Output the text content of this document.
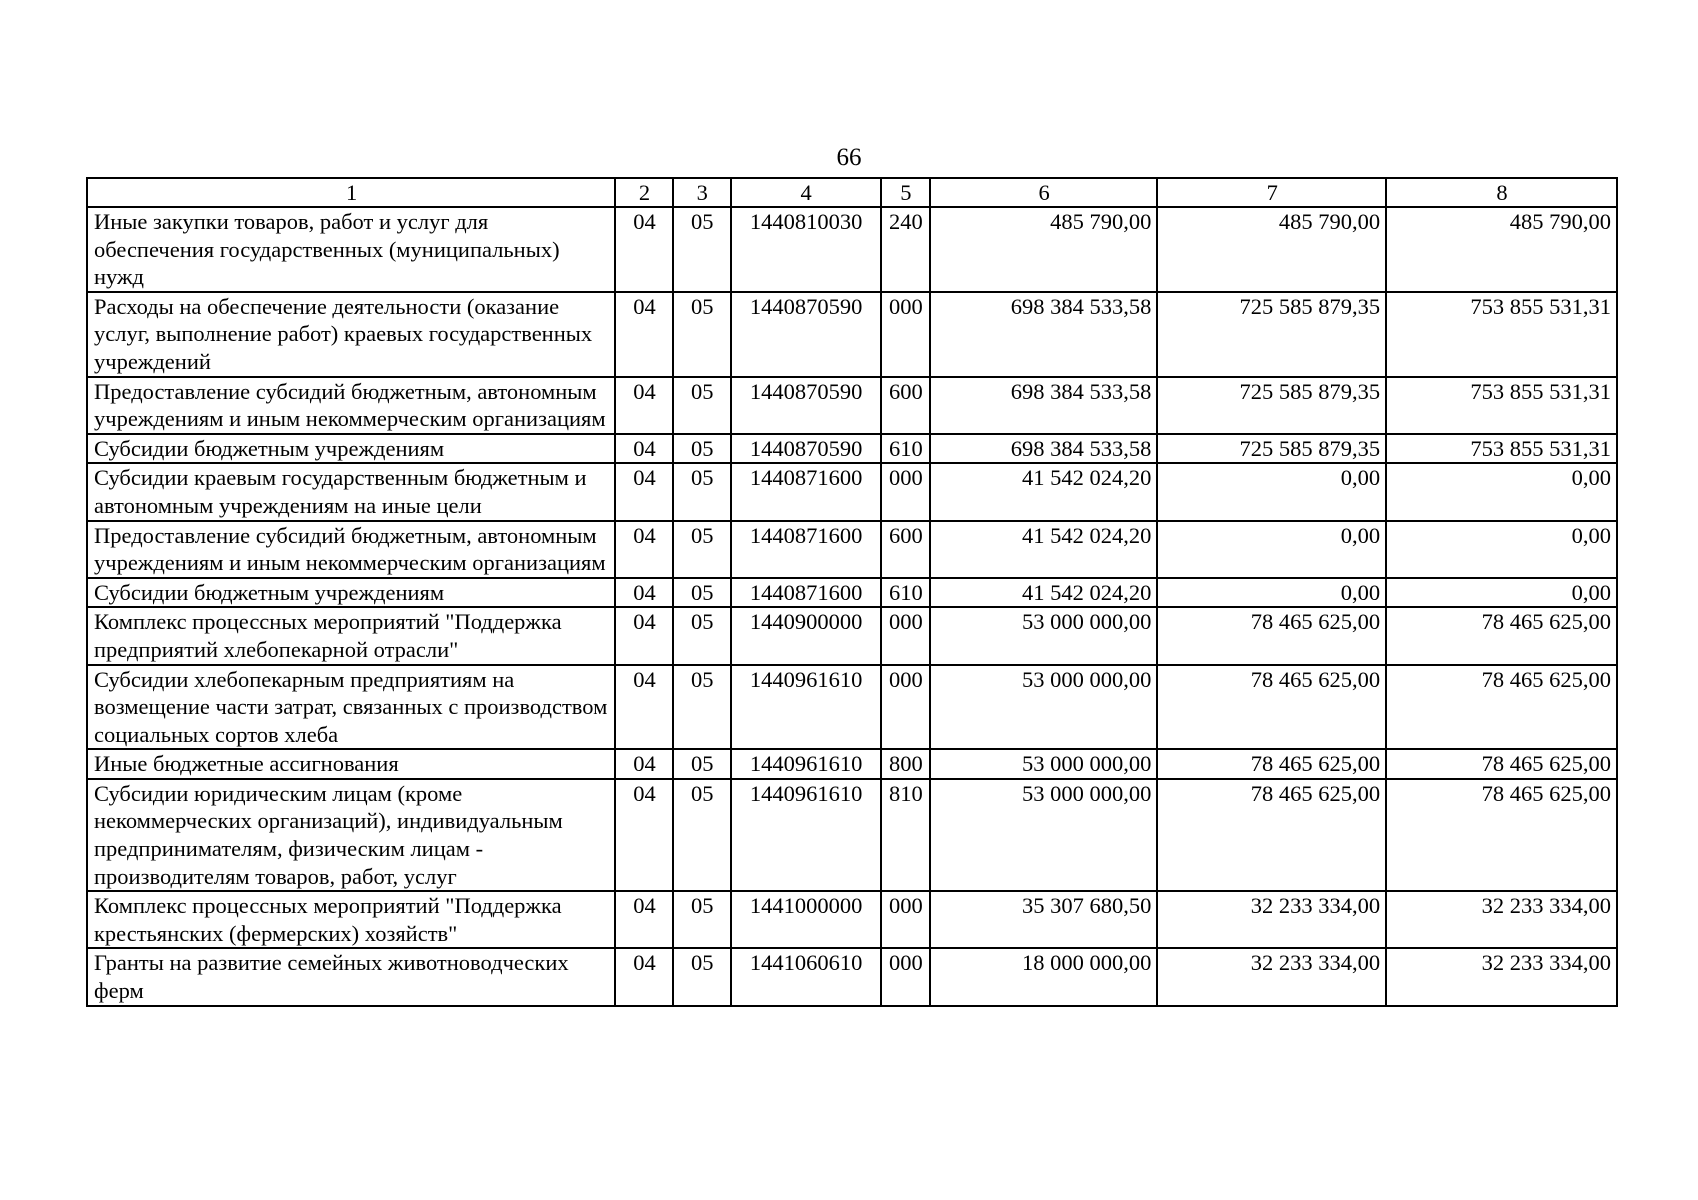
66
1	2	3	4	5	6	7	8
Иные закупки товаров, работ и услуг для обеспечения государственных (муниципальных) нужд	04	05	1440810030	240	485 790,00	485 790,00	485 790,00
Расходы на обеспечение деятельности (оказание услуг, выполнение работ) краевых государственных учреждений	04	05	1440870590	000	698 384 533,58	725 585 879,35	753 855 531,31
Предоставление субсидий бюджетным, автономным учреждениям и иным некоммерческим организациям	04	05	1440870590	600	698 384 533,58	725 585 879,35	753 855 531,31
Субсидии бюджетным учреждениям	04	05	1440870590	610	698 384 533,58	725 585 879,35	753 855 531,31
Субсидии краевым государственным бюджетным и автономным учреждениям на иные цели	04	05	1440871600	000	41 542 024,20	0,00	0,00
Предоставление субсидий бюджетным, автономным учреждениям и иным некоммерческим организациям	04	05	1440871600	600	41 542 024,20	0,00	0,00
Субсидии бюджетным учреждениям	04	05	1440871600	610	41 542 024,20	0,00	0,00
Комплекс процессных мероприятий "Поддержка предприятий хлебопекарной отрасли"	04	05	1440900000	000	53 000 000,00	78 465 625,00	78 465 625,00
Субсидии хлебопекарным предприятиям на возмещение части затрат, связанных с производством социальных сортов хлеба	04	05	1440961610	000	53 000 000,00	78 465 625,00	78 465 625,00
Иные бюджетные ассигнования	04	05	1440961610	800	53 000 000,00	78 465 625,00	78 465 625,00
Субсидии юридическим лицам (кроме некоммерческих организаций), индивидуальным предпринимателям, физическим лицам - производителям товаров, работ, услуг	04	05	1440961610	810	53 000 000,00	78 465 625,00	78 465 625,00
Комплекс процессных мероприятий "Поддержка крестьянских (фермерских) хозяйств"	04	05	1441000000	000	35 307 680,50	32 233 334,00	32 233 334,00
Гранты на развитие семейных животноводческих ферм	04	05	1441060610	000	18 000 000,00	32 233 334,00	32 233 334,00
